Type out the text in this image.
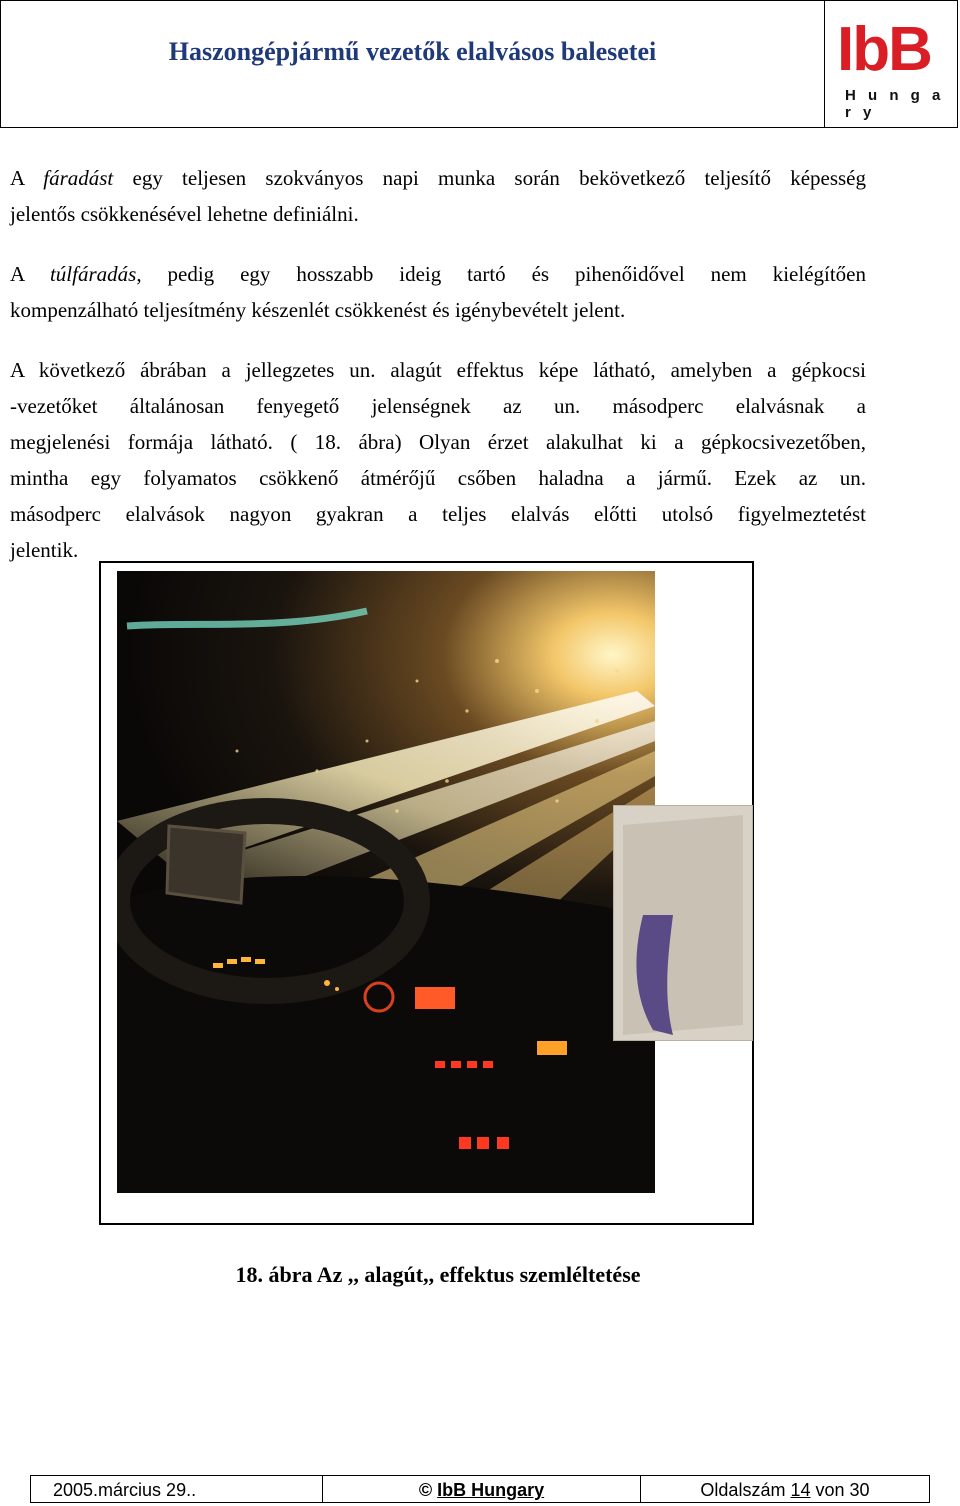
Haszongépjármű vezetők elalvásos balesetei	IbB
H u n g a r y
A fáradást egy teljesen szokványos napi munka során bekövetkező teljesítő képesség
jelentős csökkenésével lehetne definiálni.
A túlfáradás, pedig egy hosszabb ideig tartó és pihenőidővel nem kielégítően
kompenzálható teljesítmény készenlét csökkenést és igénybevételt jelent.
A következő ábrában a jellegzetes un. alagút effektus képe látható, amelyben a gépkocsi
-vezetőket általánosan fenyegető jelenségnek az un. másodperc elalvásnak a
megjelenési formája látható. ( 18. ábra) Olyan érzet alakulhat ki a gépkocsivezetőben,
mintha egy folyamatos csökkenő átmérőjű csőben haladna a jármű. Ezek az un.
másodperc elalvások nagyon gyakran a teljes elalvás előtti utolsó figyelmeztetést
jelentik.
18. ábra Az ,, alagút,, effektus szemléltetése
2005.március 29..	© IbB Hungary	Oldalszám 14 von 30
